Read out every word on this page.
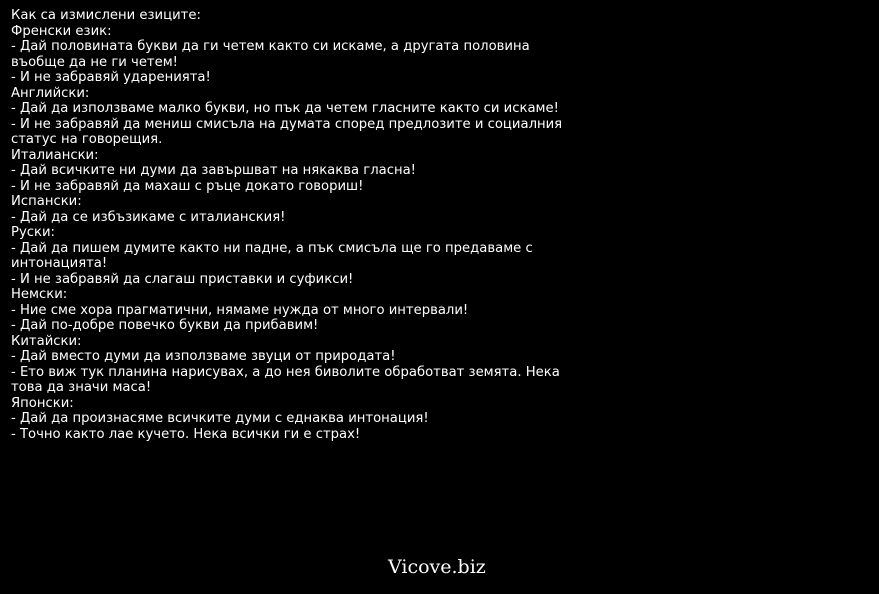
Как са измислени езиците:

Френски език:

- Дай половината букви да ги четем както си искаме, а другата половина въобще да не ги четем!

- И не забравяй ударенията!

Английски:

- Дай да използваме малко букви, но пък да четем гласните както си искаме!

- И не забравяй да мениш смисъла на думата според предлозите и социалния статус на говорещия.

Италиански:

- Дай всичките ни думи да завършват на някаква гласна!

- И не забравяй да махаш с ръце докато говориш!

Испански:

- Дай да се избъзикаме с италианския!

Руски:

- Дай да пишем думите както ни падне, а пък смисъла ще го предаваме с интонацията!

- И не забравяй да слагаш приставки и суфикси!

Немски:

- Ние сме хора прагматични, нямаме нужда от много интервали!

- Дай по-добре повечко букви да прибавим!

Китайски:

- Дай вместо думи да използваме звуци от природата!

- Ето виж тук планина нарисувах, а до нея биволите обработват земята. Нека това да значи маса!

Японски:

- Дай да произнасяме всичките думи с еднаква интонация!

- Точно както лае кучето. Нека всички ги е страх!

Vicove.biz
